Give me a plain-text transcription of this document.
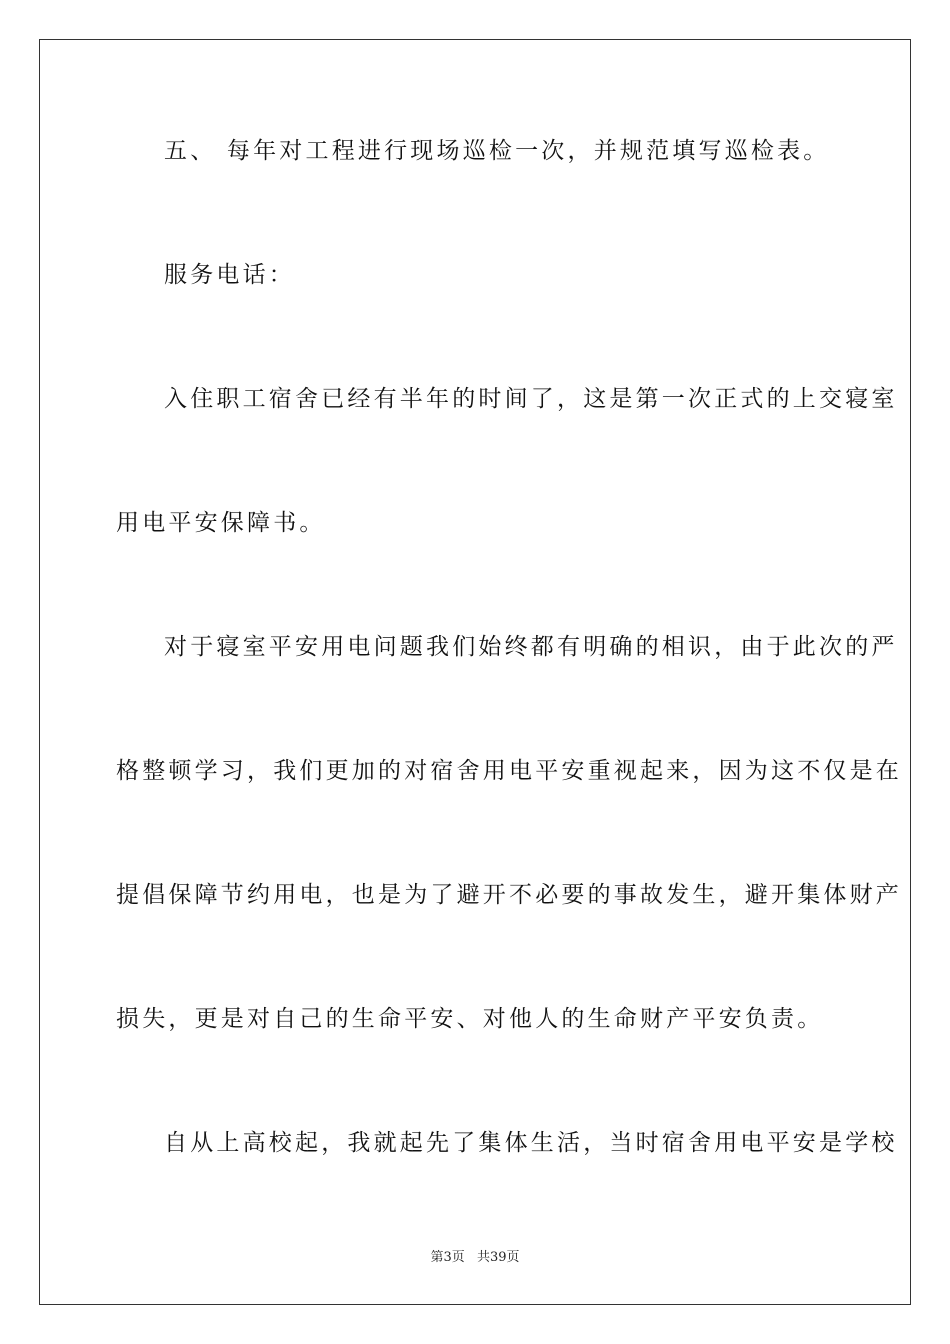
五、 每年对工程进行现场巡检一次，并规范填写巡检表。
服务电话：
入住职工宿舍已经有半年的时间了，这是第一次正式的上交寝室
用电平安保障书。
对于寝室平安用电问题我们始终都有明确的相识，由于此次的严
格整顿学习，我们更加的对宿舍用电平安重视起来，因为这不仅是在
提倡保障节约用电，也是为了避开不必要的事故发生，避开集体财产
损失，更是对自己的生命平安、对他人的生命财产平安负责。
自从上高校起，我就起先了集体生活，当时宿舍用电平安是学校
第3页 共39页
